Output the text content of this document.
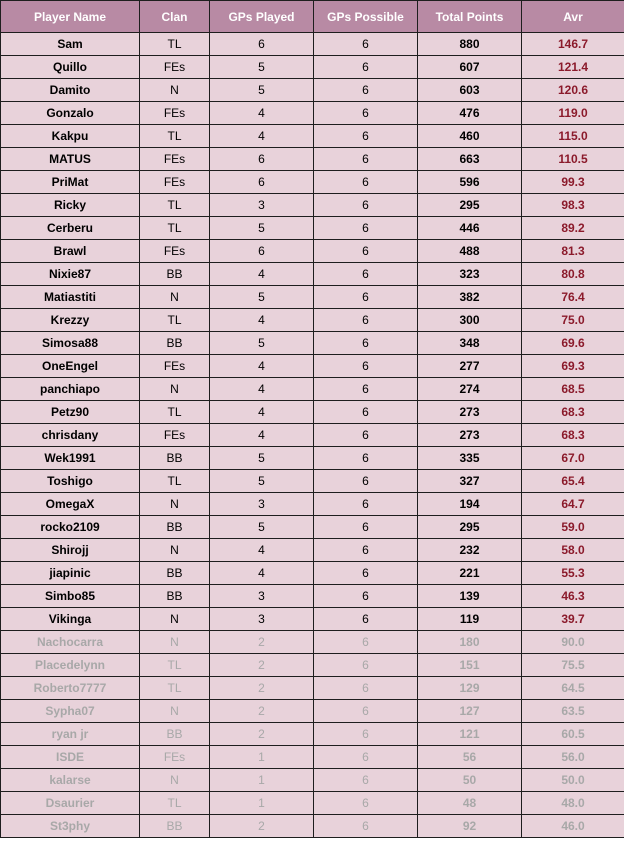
Player Name	Clan	GPs Played	GPs Possible	Total Points	Avr
Sam	TL	6	6	880	146.7
Quillo	FEs	5	6	607	121.4
Damito	N	5	6	603	120.6
Gonzalo	FEs	4	6	476	119.0
Kakpu	TL	4	6	460	115.0
MATUS	FEs	6	6	663	110.5
PriMat	FEs	6	6	596	99.3
Ricky	TL	3	6	295	98.3
Cerberu	TL	5	6	446	89.2
Brawl	FEs	6	6	488	81.3
Nixie87	BB	4	6	323	80.8
Matiastiti	N	5	6	382	76.4
Krezzy	TL	4	6	300	75.0
Simosa88	BB	5	6	348	69.6
OneEngel	FEs	4	6	277	69.3
panchiapo	N	4	6	274	68.5
Petz90	TL	4	6	273	68.3
chrisdany	FEs	4	6	273	68.3
Wek1991	BB	5	6	335	67.0
Toshigo	TL	5	6	327	65.4
OmegaX	N	3	6	194	64.7
rocko2109	BB	5	6	295	59.0
Shirojj	N	4	6	232	58.0
jiapinic	BB	4	6	221	55.3
Simbo85	BB	3	6	139	46.3
Vikinga	N	3	6	119	39.7
Nachocarra	N	2	6	180	90.0
Placedelynn	TL	2	6	151	75.5
Roberto7777	TL	2	6	129	64.5
Sypha07	N	2	6	127	63.5
ryan jr	BB	2	6	121	60.5
ISDE	FEs	1	6	56	56.0
kalarse	N	1	6	50	50.0
Dsaurier	TL	1	6	48	48.0
St3phy	BB	2	6	92	46.0
